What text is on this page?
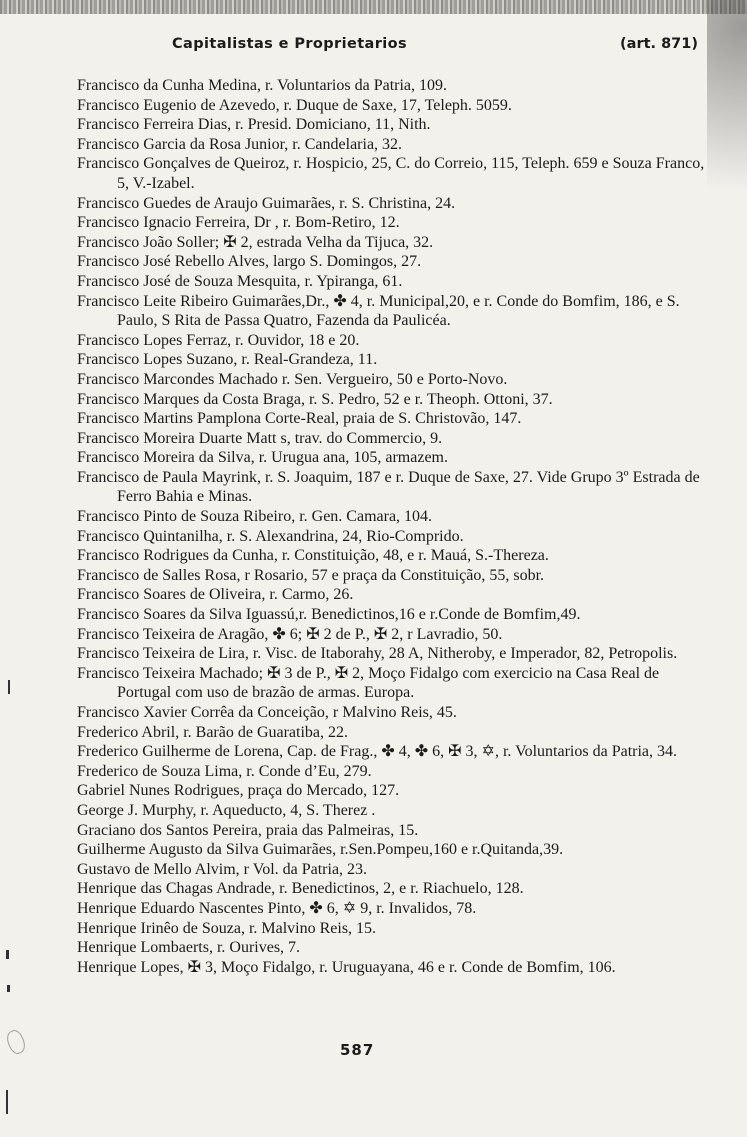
Capitalistas e Proprietarios	(art. 871)

Francisco da Cunha Medina, r. Voluntarios da Patria, 109.

Francisco Eugenio de Azevedo, r. Duque de Saxe, 17, Teleph. 5059.

Francisco Ferreira Dias, r. Presid. Domiciano, 11, Nith.

Francisco Garcia da Rosa Junior, r. Candelaria, 32.

Francisco Gonçalves de Queiroz, r. Hospicio, 25, C. do Correio, 115, Teleph. 659 e Souza Franco, 5, V.-Izabel.

Francisco Guedes de Araujo Guimarães, r. S. Christina, 24.

Francisco Ignacio Ferreira, Dr , r. Bom-Retiro, 12.

Francisco João Soller; ✠ 2, estrada Velha da Tijuca, 32.

Francisco José Rebello Alves, largo S. Domingos, 27.

Francisco José de Souza Mesquita, r. Ypiranga, 61.

Francisco Leite Ribeiro Guimarães,Dr., ✤ 4, r. Municipal,20, e r. Conde do Bomfim, 186, e S. Paulo, S Rita de Passa Quatro, Fazenda da Paulicéa.

Francisco Lopes Ferraz, r. Ouvidor, 18 e 20.

Francisco Lopes Suzano, r. Real-Grandeza, 11.

Francisco Marcondes Machado r. Sen. Vergueiro, 50 e Porto-Novo.

Francisco Marques da Costa Braga, r. S. Pedro, 52 e r. Theoph. Ottoni, 37.

Francisco Martins Pamplona Corte-Real, praia de S. Christovão, 147.

Francisco Moreira Duarte Matt s, trav. do Commercio, 9.

Francisco Moreira da Silva, r. Urugua ana, 105, armazem.

Francisco de Paula Mayrink, r. S. Joaquim, 187 e r. Duque de Saxe, 27. Vide Grupo 3º Estrada de Ferro Bahia e Minas.

Francisco Pinto de Souza Ribeiro, r. Gen. Camara, 104.

Francisco Quintanilha, r. S. Alexandrina, 24, Rio-Comprido.

Francisco Rodrigues da Cunha, r. Constituição, 48, e r. Mauá, S.-Thereza.

Francisco de Salles Rosa, r Rosario, 57 e praça da Constituição, 55, sobr.

Francisco Soares de Oliveira, r. Carmo, 26.

Francisco Soares da Silva Iguassú,r. Benedictinos,16 e r.Conde de Bomfim,49.

Francisco Teixeira de Aragão, ✤ 6; ✠ 2 de P., ✠ 2, r Lavradio, 50.

Francisco Teixeira de Lira, r. Visc. de Itaborahy, 28 A, Nitheroby, e Imperador, 82, Petropolis.

Francisco Teixeira Machado; ✠ 3 de P., ✠ 2, Moço Fidalgo com exercicio na Casa Real de Portugal com uso de brazão de armas. Europa.

Francisco Xavier Corrêa da Conceição, r Malvino Reis, 45.

Frederico Abril, r. Barão de Guaratiba, 22.

Frederico Guilherme de Lorena, Cap. de Frag., ✤ 4, ✤ 6, ✠ 3, ✡, r. Voluntarios da Patria, 34.

Frederico de Souza Lima, r. Conde d’Eu, 279.

Gabriel Nunes Rodrigues, praça do Mercado, 127.

George J. Murphy, r. Aqueducto, 4, S. Therez .

Graciano dos Santos Pereira, praia das Palmeiras, 15.

Guilherme Augusto da Silva Guimarães, r.Sen.Pompeu,160 e r.Quitanda,39.

Gustavo de Mello Alvim, r Vol. da Patria, 23.

Henrique das Chagas Andrade, r. Benedictinos, 2, e r. Riachuelo, 128.

Henrique Eduardo Nascentes Pinto, ✤ 6, ✡ 9, r. Invalidos, 78.

Henrique Irinêo de Souza, r. Malvino Reis, 15.

Henrique Lombaerts, r. Ourives, 7.

Henrique Lopes, ✠ 3, Moço Fidalgo, r. Uruguayana, 46 e r. Conde de Bomfim, 106.

587
